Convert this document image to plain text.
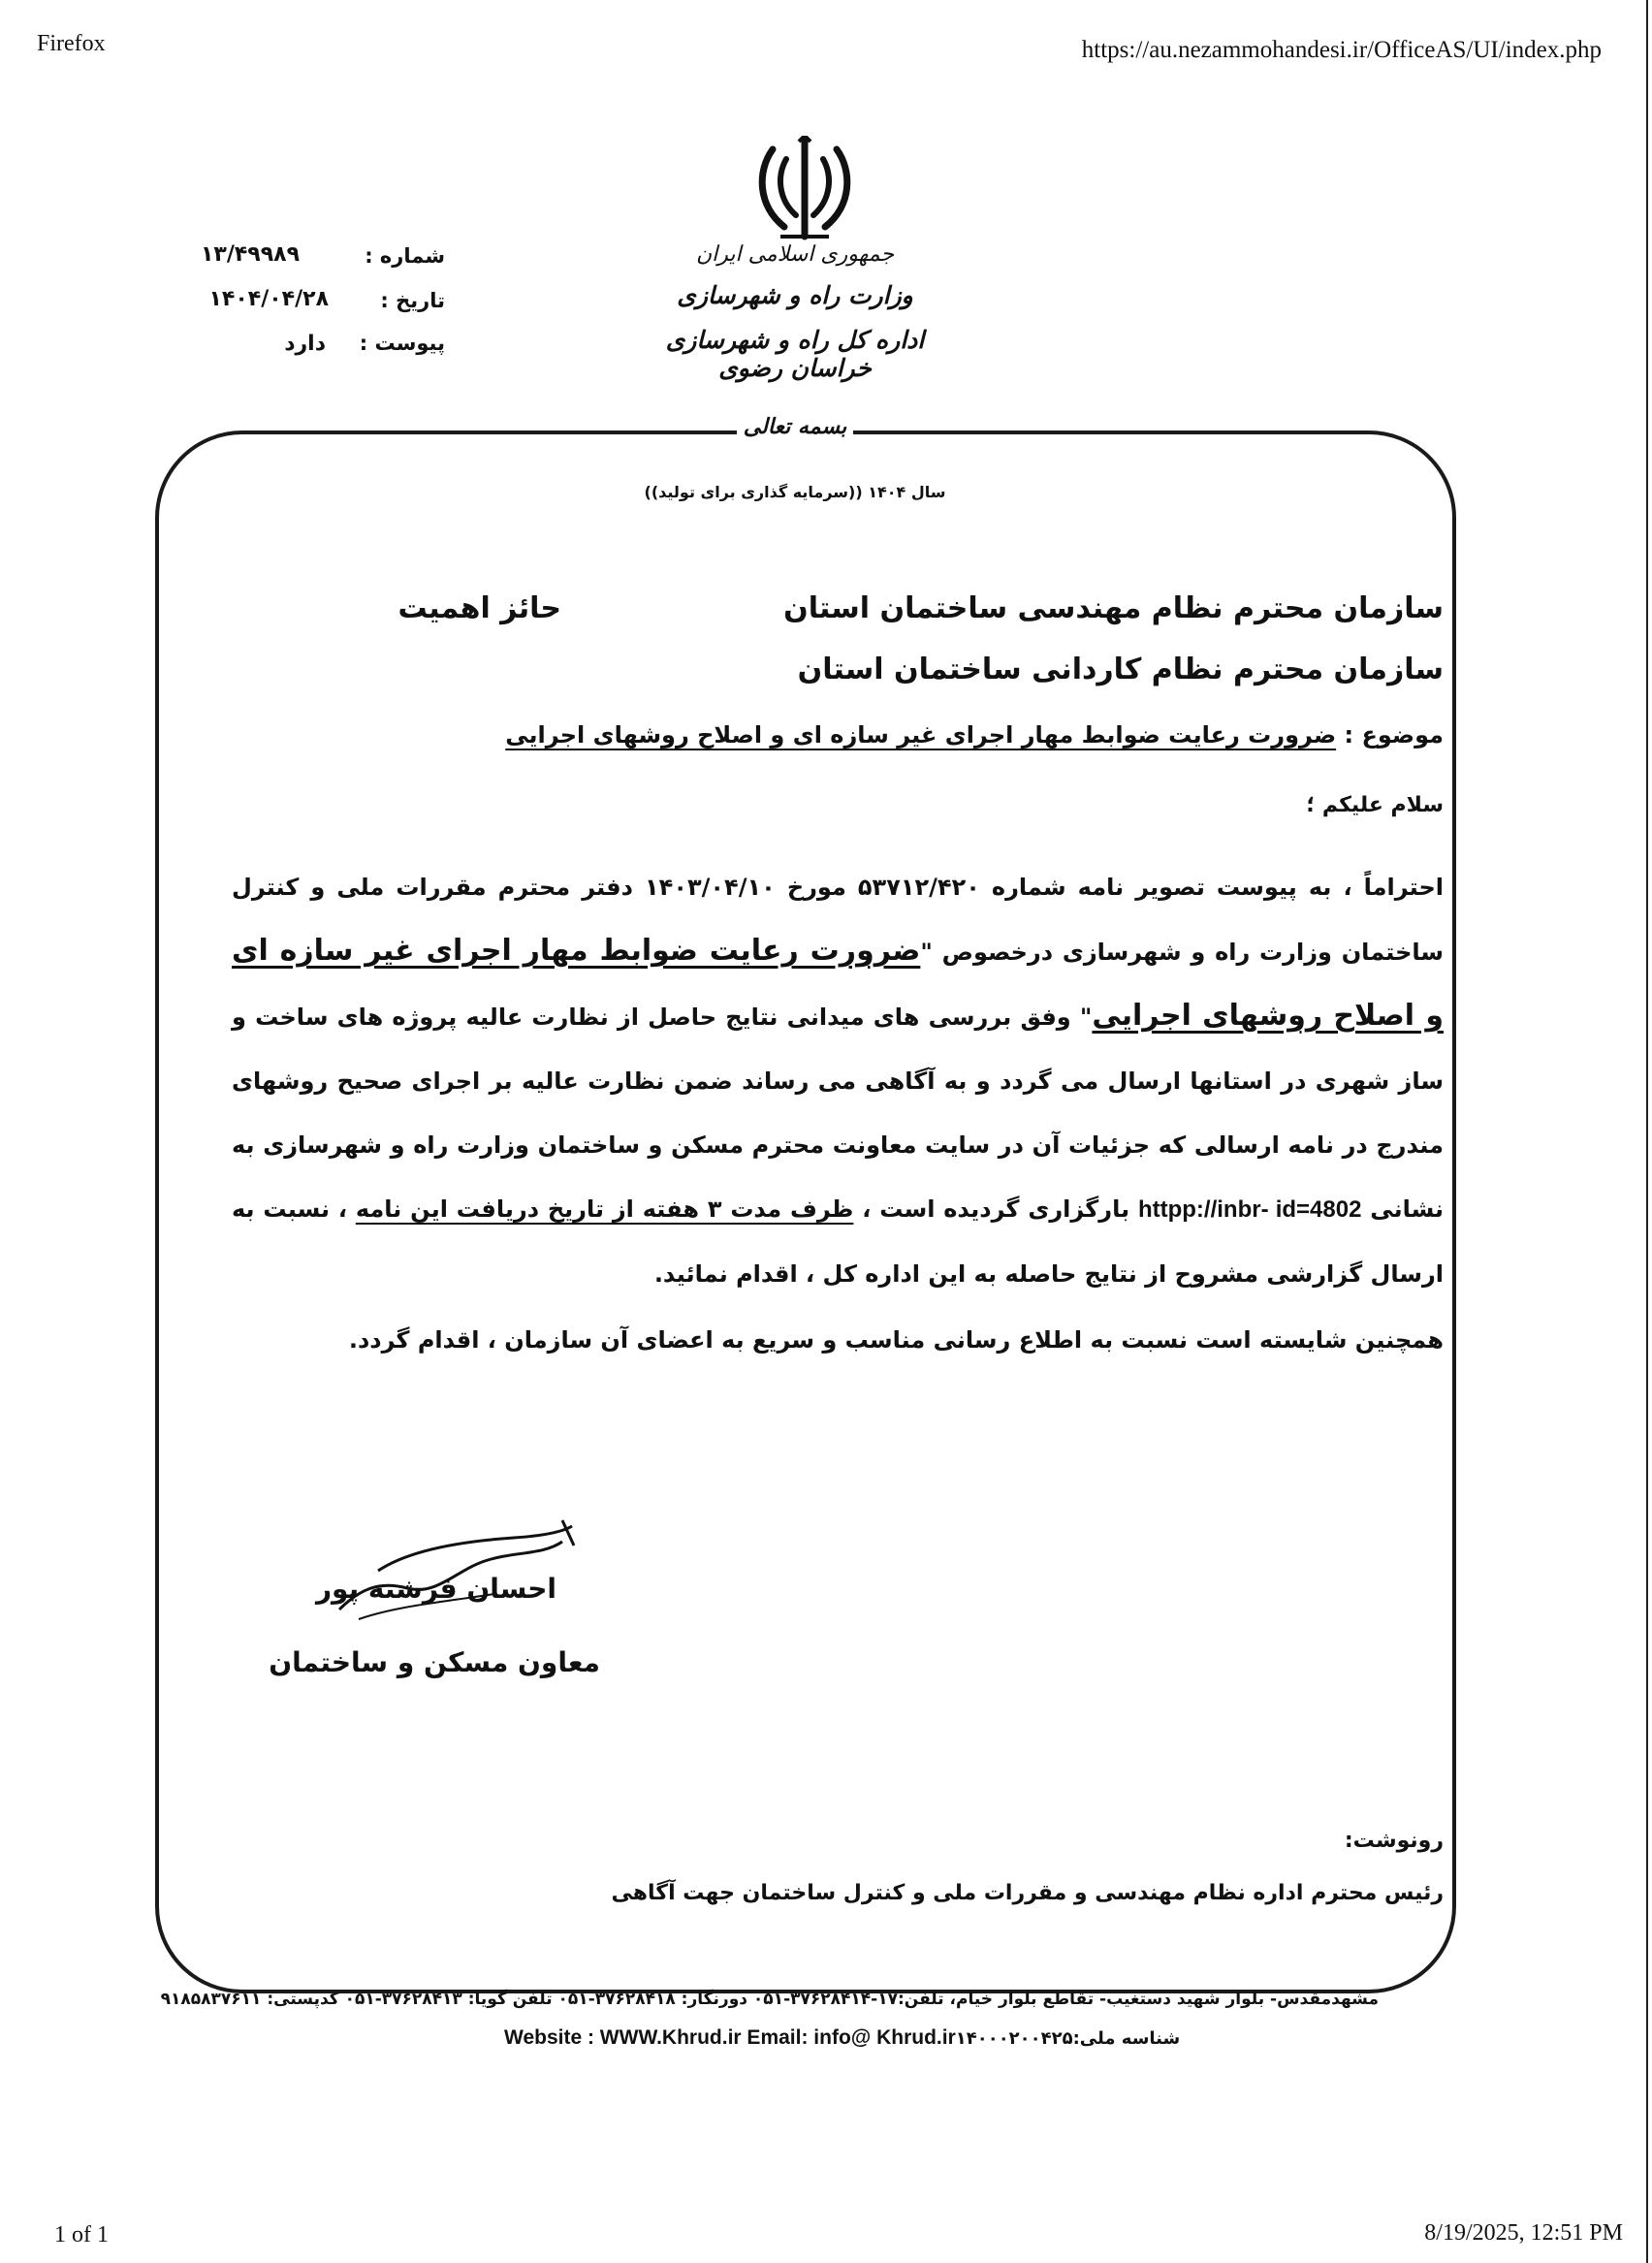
Firefox	https://au.nezammohandesi.ir/OfficeAS/UI/index.php
1 of 1	8/19/2025, 12:51 PM
جمهوری اسلامی ایران
وزارت راه و شهرسازی
اداره کل راه و شهرسازی خراسان رضوی
شماره :
۱۳/۴۹۹۸۹
تاریخ :
۱۴۰۴/۰۴/۲۸
پیوست :
دارد
بسمه تعالی
سال ۱۴۰۴ ((سرمایه گذاری برای تولید))
سازمان محترم نظام مهندسی ساختمان استان
حائز اهمیت
سازمان محترم نظام کاردانی ساختمان استان
موضوع : ضرورت رعایت ضوابط مهار اجرای غیر سازه ای و اصلاح روشهای اجرایی
سلام علیکم ؛
احتراماً ، به پیوست تصویر نامه شماره ۵۳۷۱۲/۴۲۰ مورخ ۱۴۰۳/۰۴/۱۰ دفتر محترم مقررات ملی و کنترل ساختمان وزارت راه و شهرسازی درخصوص "ضرورت رعایت ضوابط مهار اجرای غیر سازه ای و اصلاح روشهای اجرایی" وفق بررسی های میدانی نتایج حاصل از نظارت عالیه پروژه های ساخت و ساز شهری در استانها ارسال می گردد و به آگاهی می رساند ضمن نظارت عالیه بر اجرای صحیح روشهای مندرج در نامه ارسالی که جزئیات آن در سایت معاونت محترم مسکن و ساختمان وزارت راه و شهرسازی به نشانی httpp://inbr- id=4802 بارگزاری گردیده است ، ظرف مدت ۳ هفته از تاریخ دریافت این نامه ، نسبت به ارسال گزارشی مشروح از نتایج حاصله به این اداره کل ، اقدام نمائید.
همچنین شایسته است نسبت به اطلاع رسانی مناسب و سریع به اعضای آن سازمان ، اقدام گردد.
احسان فرشته پور
معاون مسکن و ساختمان
رونوشت:
رئیس محترم اداره نظام مهندسی و مقررات ملی و کنترل ساختمان جهت آگاهی
مشهدمقدس- بلوار شهید دستغیب- تقاطع بلوار خیام، تلفن:۱۷-۳۷۶۲۸۴۱۴-۰۵۱ دورنگار: ۳۷۶۲۸۴۱۸-۰۵۱ تلفن گویا: ۳۷۶۲۸۴۱۳-۰۵۱ کدپستی: ۹۱۸۵۸۳۷۶۱۱
Website : WWW.Khrud.ir Email: info@ Khrud.irشناسه ملی:۱۴۰۰۰۲۰۰۴۲۵
